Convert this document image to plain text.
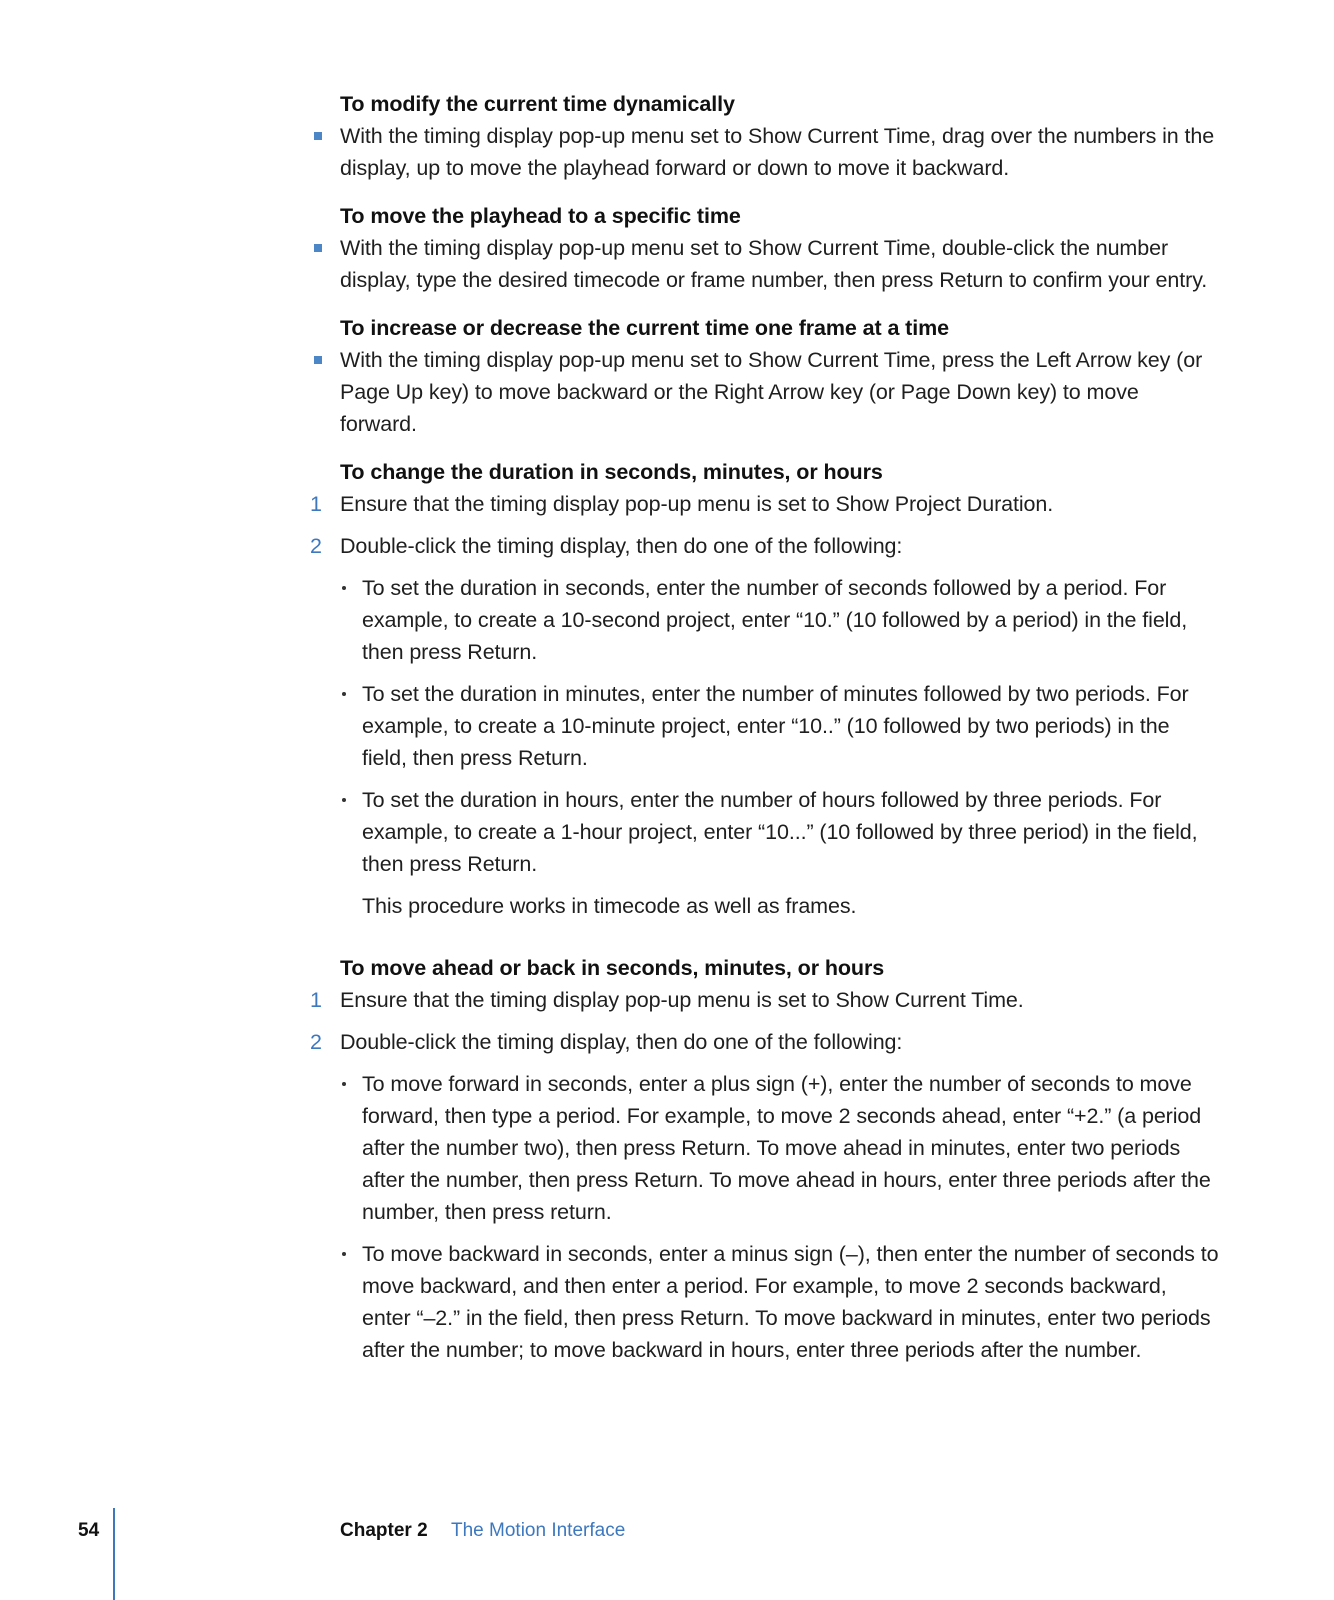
To modify the current time dynamically
With the timing display pop-up menu set to Show Current Time, drag over the numbers in the display, up to move the playhead forward or down to move it backward.
To move the playhead to a specific time
With the timing display pop-up menu set to Show Current Time, double-click the number display, type the desired timecode or frame number, then press Return to confirm your entry.
To increase or decrease the current time one frame at a time
With the timing display pop-up menu set to Show Current Time, press the Left Arrow key (or Page Up key) to move backward or the Right Arrow key (or Page Down key) to move forward.
To change the duration in seconds, minutes, or hours
1 Ensure that the timing display pop-up menu is set to Show Project Duration.
2 Double-click the timing display, then do one of the following:
To set the duration in seconds, enter the number of seconds followed by a period. For example, to create a 10-second project, enter “10.” (10 followed by a period) in the field, then press Return.
To set the duration in minutes, enter the number of minutes followed by two periods. For example, to create a 10-minute project, enter “10..” (10 followed by two periods) in the field, then press Return.
To set the duration in hours, enter the number of hours followed by three periods. For example, to create a 1-hour project, enter “10...” (10 followed by three period) in the field, then press Return.
This procedure works in timecode as well as frames.
To move ahead or back in seconds, minutes, or hours
1 Ensure that the timing display pop-up menu is set to Show Current Time.
2 Double-click the timing display, then do one of the following:
To move forward in seconds, enter a plus sign (+), enter the number of seconds to move forward, then type a period. For example, to move 2 seconds ahead, enter “+2.” (a period after the number two), then press Return. To move ahead in minutes, enter two periods after the number, then press Return. To move ahead in hours, enter three periods after the number, then press return.
To move backward in seconds, enter a minus sign (–), then enter the number of seconds to move backward, and then enter a period. For example, to move 2 seconds backward, enter “–2.” in the field, then press Return. To move backward in minutes, enter two periods after the number; to move backward in hours, enter three periods after the number.
54	Chapter 2 The Motion Interface
